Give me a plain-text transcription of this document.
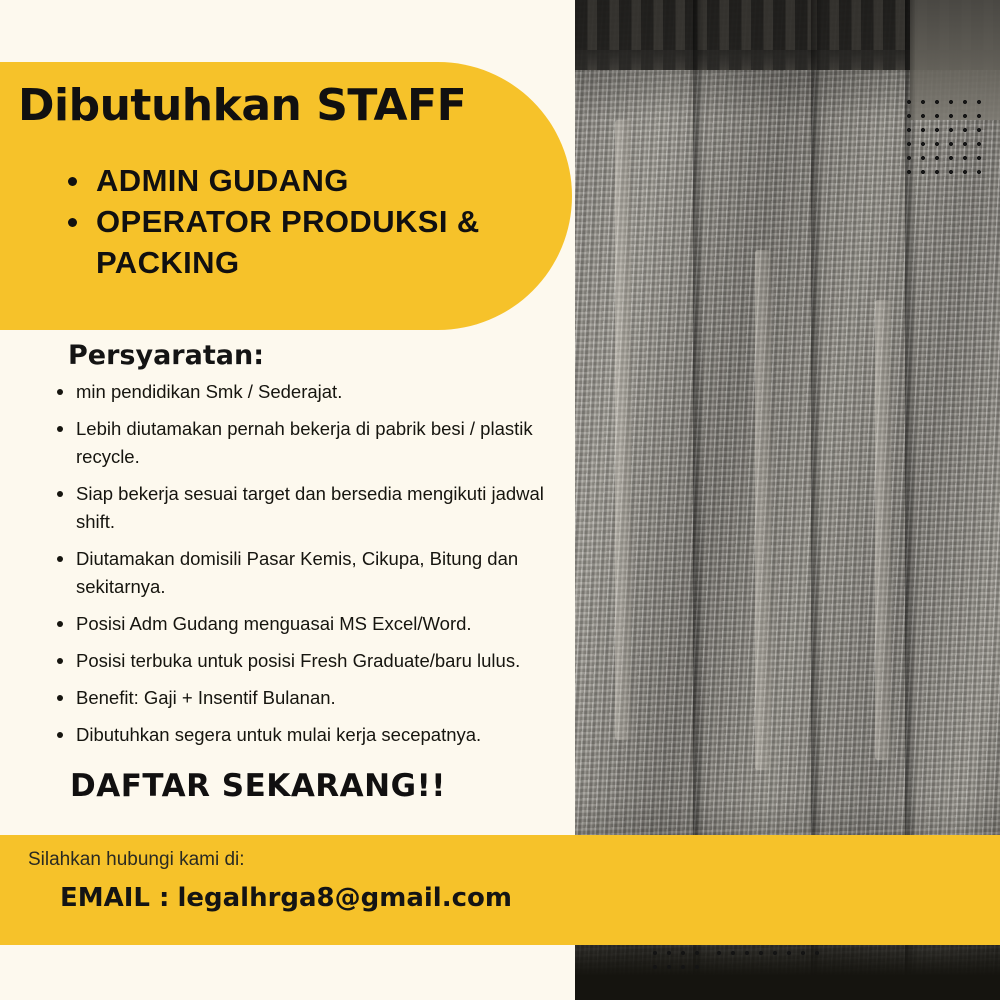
Dibutuhkan STAFF
ADMIN GUDANG
OPERATOR PRODUKSI & PACKING
Persyaratan:
min pendidikan Smk / Sederajat.
Lebih diutamakan pernah bekerja di pabrik besi / plastik recycle.
Siap bekerja sesuai target dan bersedia mengikuti jadwal shift.
Diutamakan domisili Pasar Kemis, Cikupa, Bitung dan sekitarnya.
Posisi Adm Gudang menguasai MS Excel/Word.
Posisi terbuka untuk posisi Fresh Graduate/baru lulus.
Benefit: Gaji + Insentif Bulanan.
Dibutuhkan segera untuk mulai kerja secepatnya.
DAFTAR SEKARANG!!
Silahkan hubungi kami di:
EMAIL : legalhrga8@gmail.com
